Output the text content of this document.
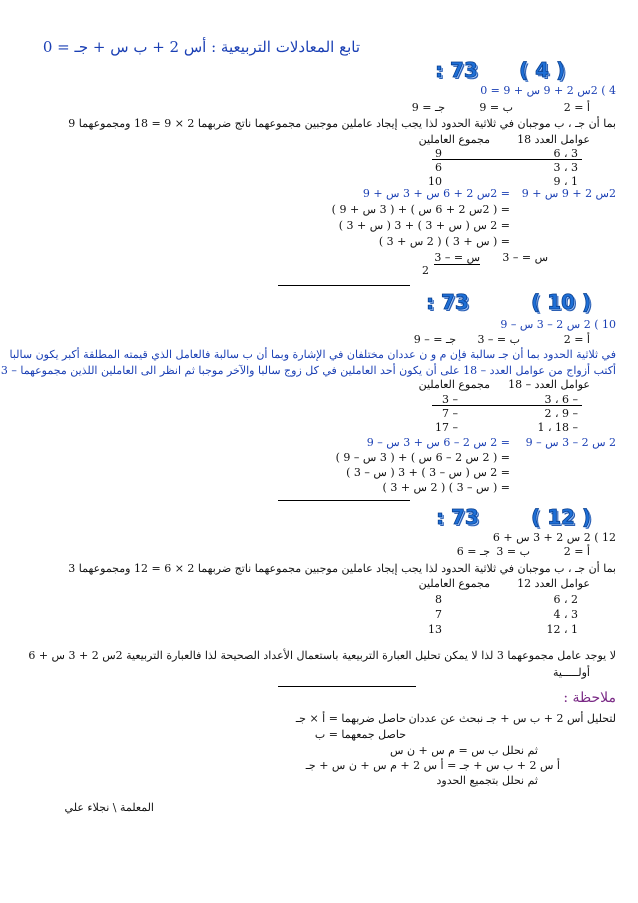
تابع المعادلات التربيعية : أس 2 + ب س + جـ = 0
( 4 )
: 73
4 ) 2س 2 + 9 س + 9 = 0
أ = 2
ب = 9
جـ = 9
بما أن جـ ، ب موجبان في ثلاثية الحدود لذا يجب إيجاد عاملين موجبين مجموعهما ناتج ضربهما 2 × 9 = 18 ومجموعهما 9
عوامل العدد 18
مجموع العاملين
3 ، 6
9
3 ، 3
6
1 ، 9
10
2س 2 + 9 س + 9
= 2س 2 + 6 س + 3 س + 9
= ( 2س 2 + 6 س ) + ( 3 س + 9 )
= 2 س ( س + 3 ) + 3 ( س + 3 )
= ( س + 3 ) ( 2 س + 3 )
س = – 3
س = – 3
2
( 10 )
: 73
10 ) 2 س 2 – 3 س – 9
أ = 2
ب = – 3
جـ = – 9
في ثلاثية الحدود بما أن جـ سالبة فإن م و ن عددان مختلفان في الإشارة وبما أن ب سالبة فالعامل الذي قيمته المطلقة أكبر يكون سالبا
أكتب أزواج من عوامل العدد – 18 على أن يكون أحد العاملين في كل زوج سالبا والآخر موجبا ثم انظر الى العاملين اللذين مجموعهما – 3
عوامل العدد – 18
مجموع العاملين
– 6 ، 3
– 3
– 9 ، 2
– 7
– 18 ، 1
– 17
2 س 2 – 3 س – 9
= 2 س 2 – 6 س + 3 س – 9
= ( 2 س 2 – 6 س ) + ( 3 س – 9 )
= 2 س ( س – 3 ) + 3 ( س – 3 )
= ( س – 3 ) ( 2 س + 3 )
( 12 )
: 73
12 ) 2 س 2 + 3 س + 6
أ = 2
ب = 3
جـ = 6
بما أن جـ ، ب موجبان في ثلاثية الحدود لذا يجب إيجاد عاملين موجبين مجموعهما ناتج ضربهما 2 × 6 = 12 ومجموعهما 3
عوامل العدد 12
مجموع العاملين
2 ، 6
8
3 ، 4
7
1 ، 12
13
لا يوجد عامل مجموعهما 3 لذا لا يمكن تحليل العبارة التربيعية باستعمال الأعداد الصحيحة لذا فالعبارة التربيعية 2س 2 + 3 س + 6
أولـــــية
ملاحظة :
لتحليل أس 2 + ب س + جـ نبحث عن عددان
حاصل ضربهما = أ × جـ
حاصل جمعهما = ب
ثم نحلل ب س = م س + ن س
أ س 2 + ب س + جـ = أ س 2 + م س + ن س + جـ
ثم نحلل بتجميع الحدود
المعلمة \ نجلاء علي
